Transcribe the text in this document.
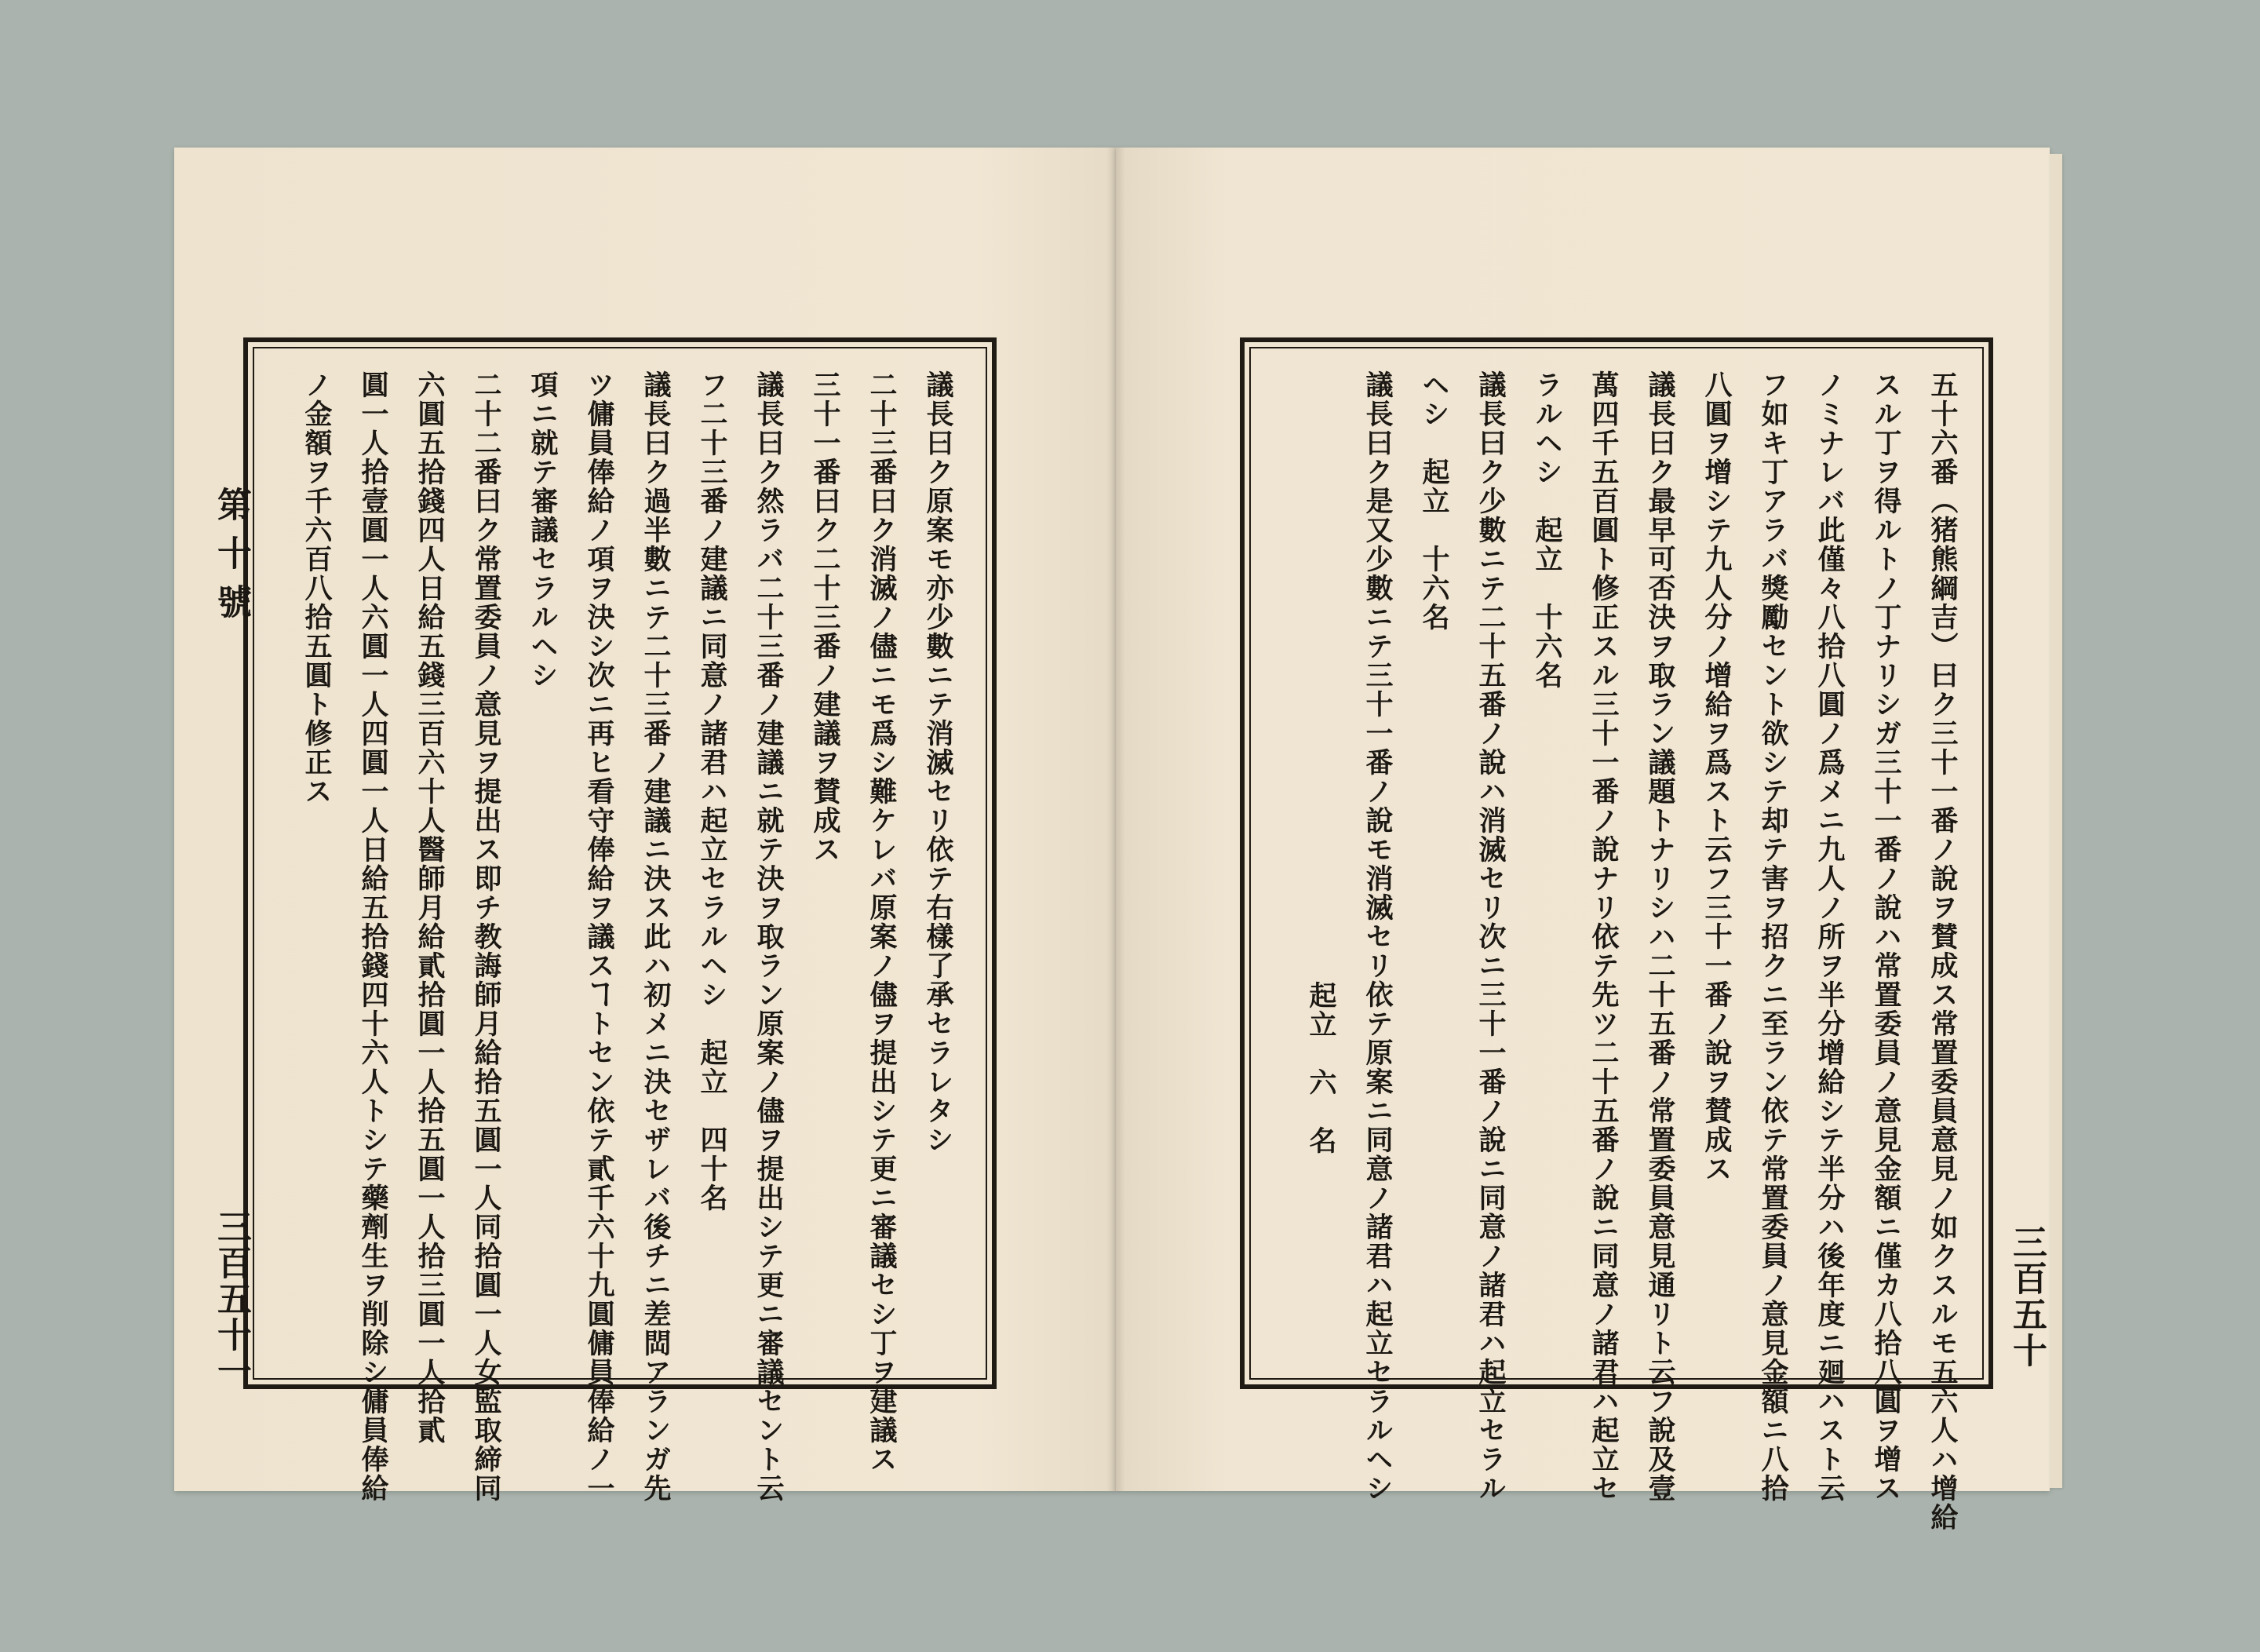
第十號
三百五十一
議長曰ク原案モ亦少數ニテ消滅セリ依テ右樣了承セラレタシ
二十三番曰ク消滅ノ儘ニモ爲シ難ケレバ原案ノ儘ヲ提出シテ更ニ審議セシ丁ヲ建議ス
三十一番曰ク二十三番ノ建議ヲ賛成ス
議長曰ク然ラバ二十三番ノ建議ニ就テ決ヲ取ラン原案ノ儘ヲ提出シテ更ニ審議セント云
フ二十三番ノ建議ニ同意ノ諸君ハ起立セラルヘシ　起立　四十名
議長曰ク過半數ニテ二十三番ノ建議ニ決ス此ハ初メニ決セザレバ後チニ差閊アランガ先
ツ傭員俸給ノ項ヲ決シ次ニ再ヒ看守俸給ヲ議スヿトセン依テ貳千六十九圓傭員俸給ノ一
項ニ就テ審議セラルヘシ
二十二番曰ク常置委員ノ意見ヲ提出ス即チ教誨師月給拾五圓一人同拾圓一人女監取締同
六圓五拾錢四人日給五錢三百六十人醫師月給貳拾圓一人拾五圓一人拾三圓一人拾貳
圓一人拾壹圓一人六圓一人四圓一人日給五拾錢四十六人トシテ藥劑生ヲ削除シ傭員俸給
ノ金額ヲ千六百八拾五圓ト修正ス
三百五十
五十六番（猪熊綱吉）曰ク三十一番ノ說ヲ賛成ス常置委員意見ノ如クスルモ五六人ハ增給
スル丁ヲ得ルトノ丁ナリシガ三十一番ノ說ハ常置委員ノ意見金額ニ僅カ八拾八圓ヲ增ス
ノミナレバ此僅々八拾八圓ノ爲メニ九人ノ所ヲ半分增給シテ半分ハ後年度ニ廻ハスト云
フ如キ丁アラバ獎勵セント欲シテ却テ害ヲ招クニ至ラン依テ常置委員ノ意見金額ニ八拾
八圓ヲ增シテ九人分ノ增給ヲ爲スト云フ三十一番ノ說ヲ賛成ス
議長曰ク最早可否決ヲ取ラン議題トナリシハ二十五番ノ常置委員意見通リト云フ說及壹
萬四千五百圓ト修正スル三十一番ノ說ナリ依テ先ツ二十五番ノ說ニ同意ノ諸君ハ起立セ
ラルヘシ　起立　十六名
議長曰ク少數ニテ二十五番ノ說ハ消滅セリ次ニ三十一番ノ說ニ同意ノ諸君ハ起立セラル
ヘシ　起立　十六名
議長曰ク是又少數ニテ三十一番ノ說モ消滅セリ依テ原案ニ同意ノ諸君ハ起立セラルヘシ
起立　六　名
